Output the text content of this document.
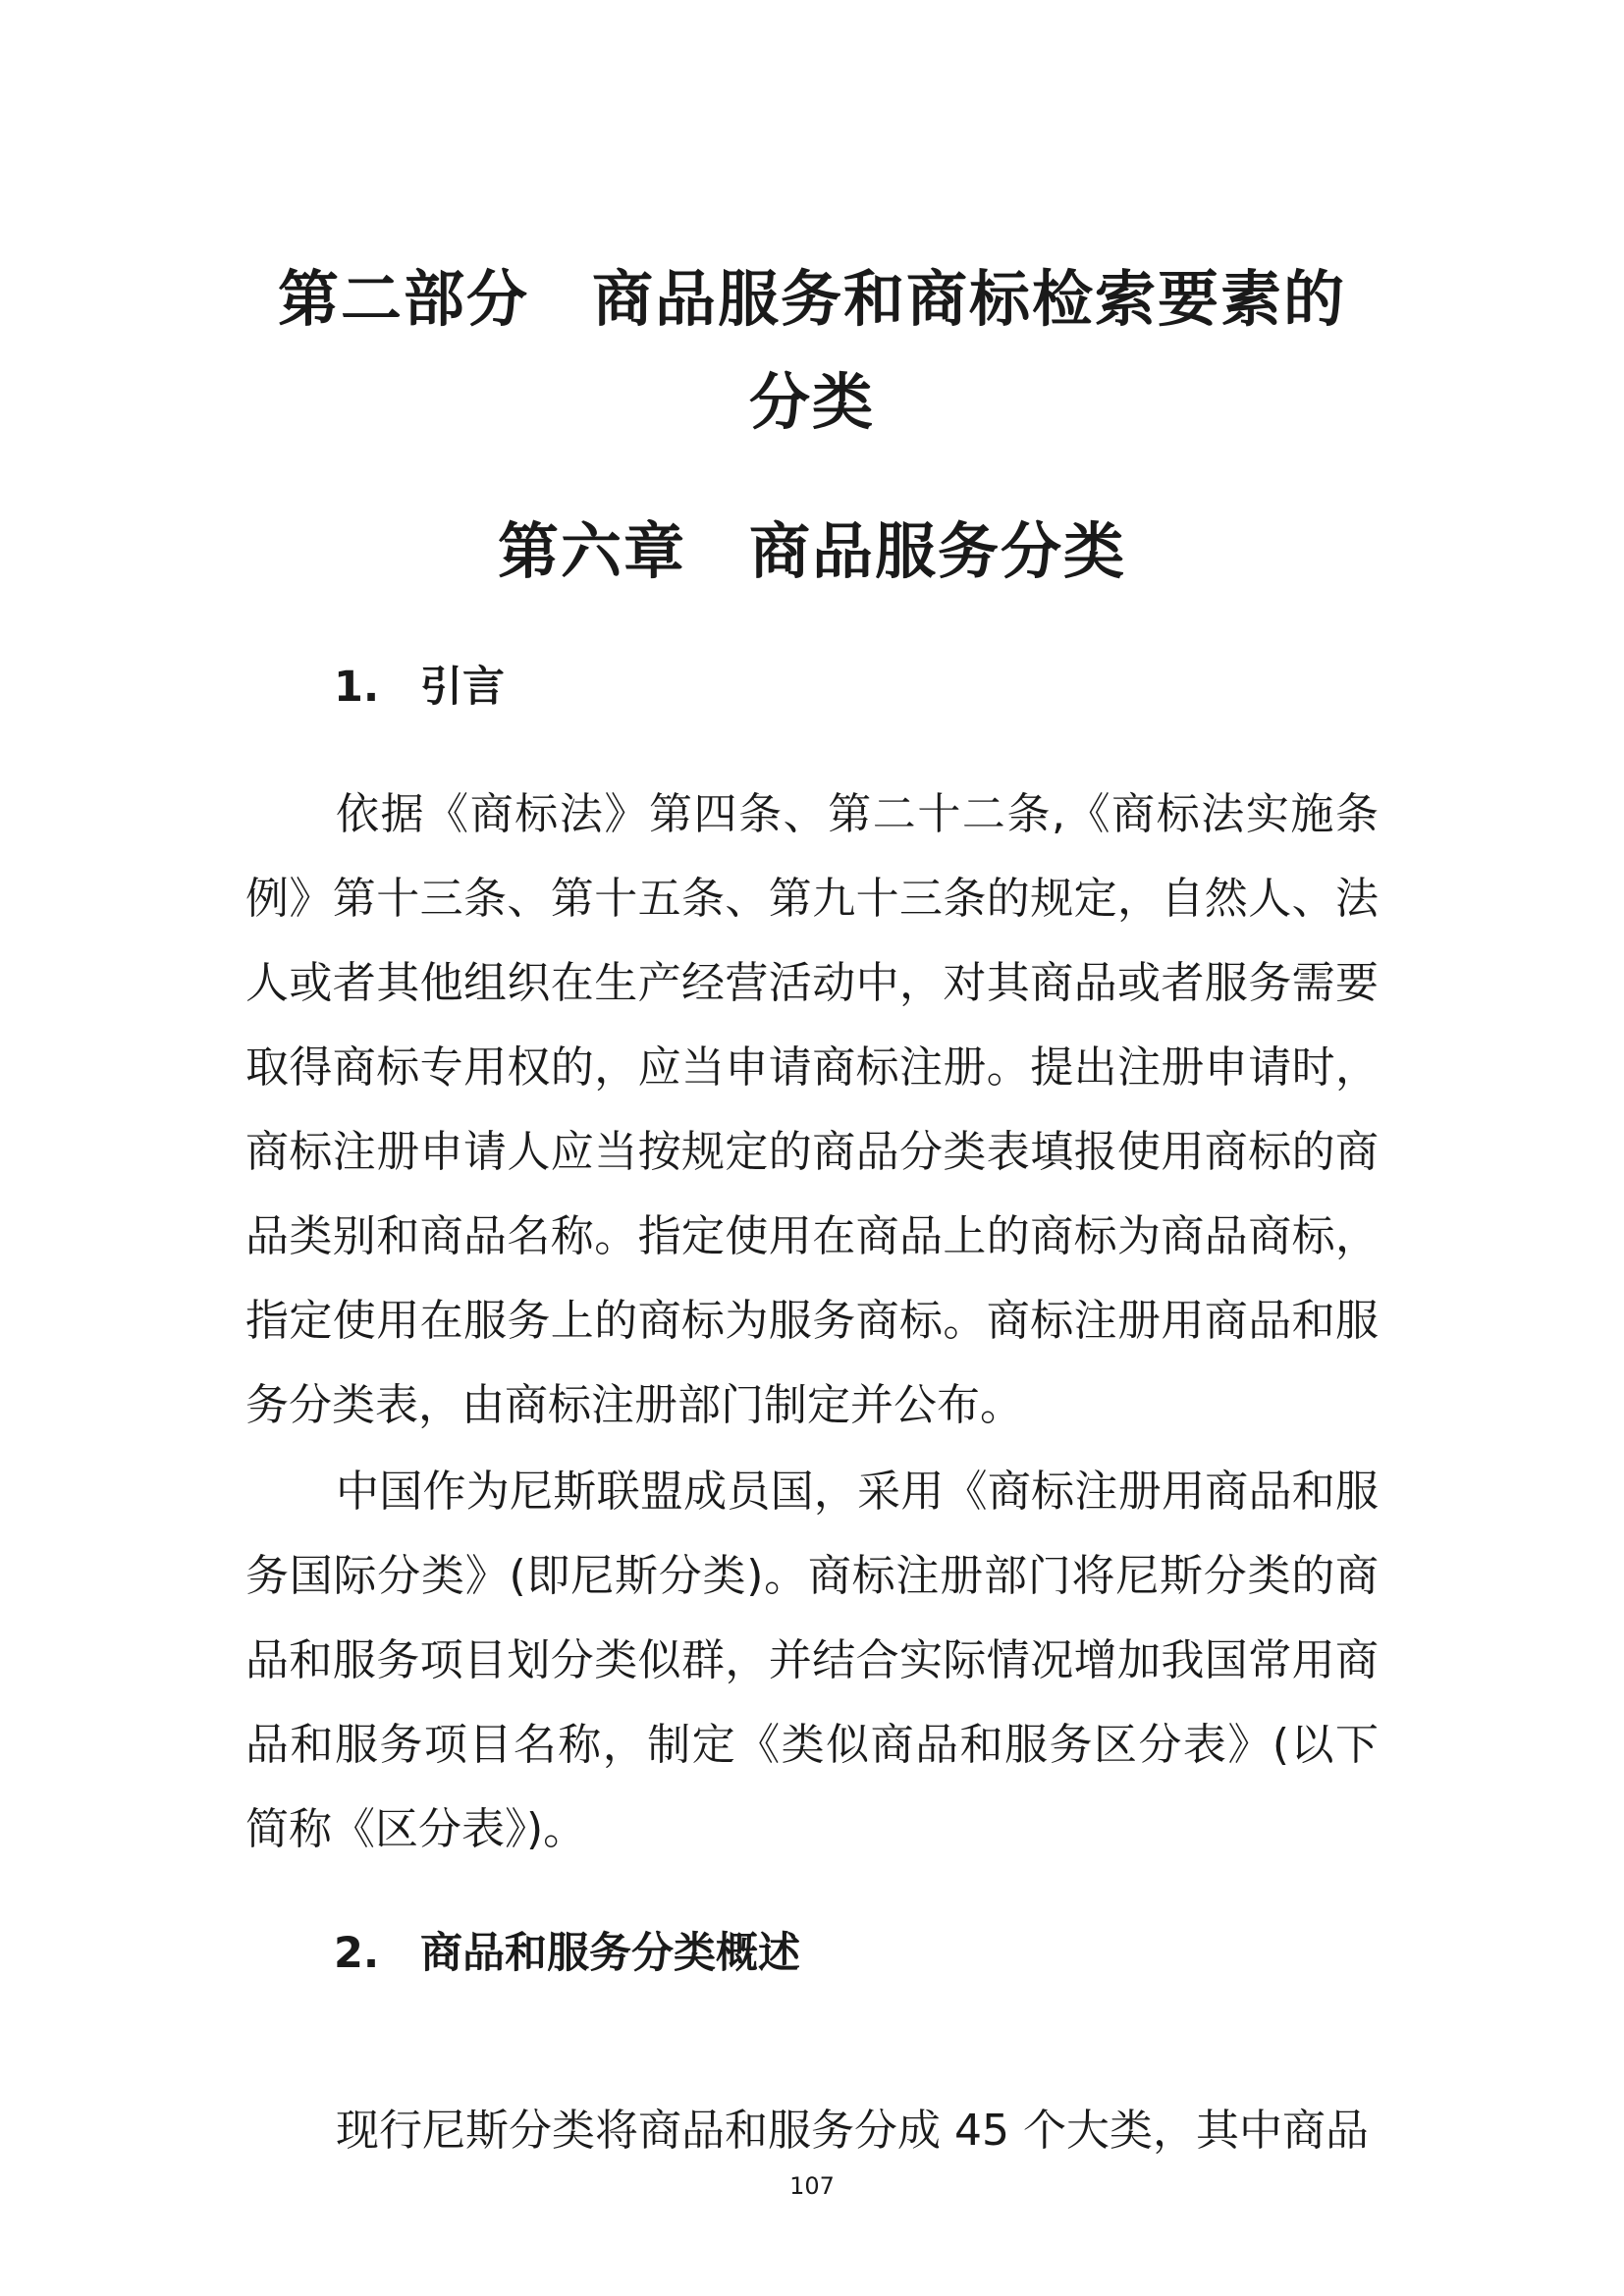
第二部分　商品服务和商标检索要素的
分类
第六章　商品服务分类
1. 引言

依据《商标法》第四条、第二十二条,《商标法实施条例》第十三条、第十五条、第九十三条的规定，自然人、法人或者其他组织在生产经营活动中，对其商品或者服务需要取得商标专用权的，应当申请商标注册。提出注册申请时，商标注册申请人应当按规定的商品分类表填报使用商标的商品类别和商品名称。指定使用在商品上的商标为商品商标，指定使用在服务上的商标为服务商标。商标注册用商品和服务分类表，由商标注册部门制定并公布。

中国作为尼斯联盟成员国，采用《商标注册用商品和服务国际分类》(即尼斯分类)。商标注册部门将尼斯分类的商品和服务项目划分类似群，并结合实际情况增加我国常用商品和服务项目名称，制定《类似商品和服务区分表》(以下简称《区分表》)。

2. 商品和服务分类概述

现行尼斯分类将商品和服务分成 45 个大类，其中商品

107
